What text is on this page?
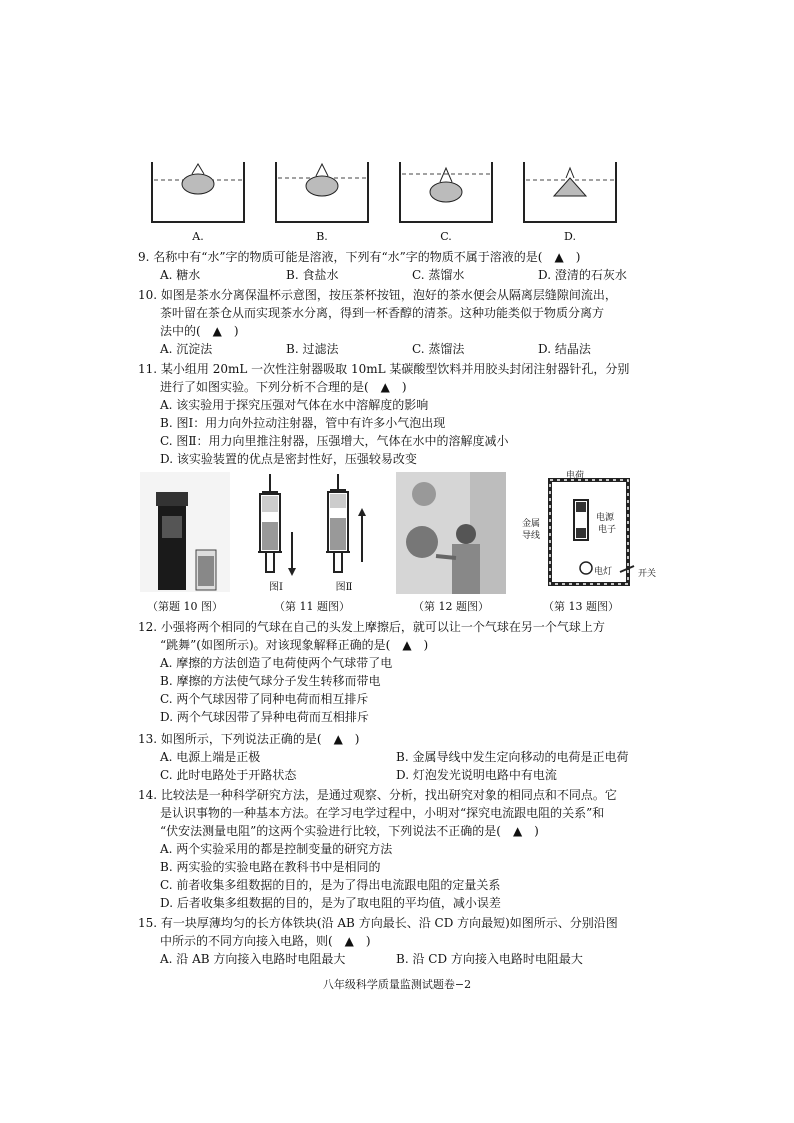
A.	B.	C.	D.

9. 名称中有“水”字的物质可能是溶液，下列有“水”字的物质不属于溶液的是(　▲　)

A. 糖水	B. 食盐水	C. 蒸馏水	D. 澄清的石灰水

10. 如图是茶水分离保温杯示意图，按压茶杯按钮，泡好的茶水便会从隔离层缝隙间流出，

茶叶留在茶仓从而实现茶水分离，得到一杯香醇的清茶。这种功能类似于物质分离方

法中的(　▲　)

A. 沉淀法	B. 过滤法	C. 蒸馏法	D. 结晶法

11. 某小组用 20mL 一次性注射器吸取 10mL 某碳酸型饮料并用胶头封闭注射器针孔，分别

进行了如图实验。下列分析不合理的是(　▲　)

A. 该实验用于探究压强对气体在水中溶解度的影响

B. 图Ⅰ：用力向外拉动注射器，管中有许多小气泡出现

C. 图Ⅱ：用力向里推注射器，压强增大，气体在水中的溶解度减小

D. 该实验装置的优点是密封性好，压强较易改变

（第题 10 图）
图Ⅰ	图Ⅱ
（第 11 题图）	（第 12 题图）
电荷
金属
导线
电源
电子
电灯	开关
（第 13 题图）

12. 小强将两个相同的气球在自己的头发上摩擦后，就可以让一个气球在另一个气球上方

“跳舞”(如图所示)。对该现象解释正确的是(　▲　)

A. 摩擦的方法创造了电荷使两个气球带了电

B. 摩擦的方法使气球分子发生转移而带电

C. 两个气球因带了同种电荷而相互排斥

D. 两个气球因带了异种电荷而互相排斥

13. 如图所示，下列说法正确的是(　▲　)

A. 电源上端是正极	B. 金属导线中发生定向移动的电荷是正电荷
C. 此时电路处于开路状态	D. 灯泡发光说明电路中有电流

14. 比较法是一种科学研究方法，是通过观察、分析，找出研究对象的相同点和不同点。它

是认识事物的一种基本方法。在学习电学过程中，小明对“探究电流跟电阻的关系”和

“伏安法测量电阻”的这两个实验进行比较，下列说法不正确的是(　▲　)

A. 两个实验采用的都是控制变量的研究方法

B. 两实验的实验电路在教科书中是相同的

C. 前者收集多组数据的目的，是为了得出电流跟电阻的定量关系

D. 后者收集多组数据的目的，是为了取电阻的平均值，减小误差

15. 有一块厚薄均匀的长方体铁块(沿 AB 方向最长、沿 CD 方向最短)如图所示、分别沿图

中所示的不同方向接入电路，则(　▲　)

A. 沿 AB 方向接入电路时电阻最大	B. 沿 CD 方向接入电路时电阻最大
八年级科学质量监测试题卷−2
